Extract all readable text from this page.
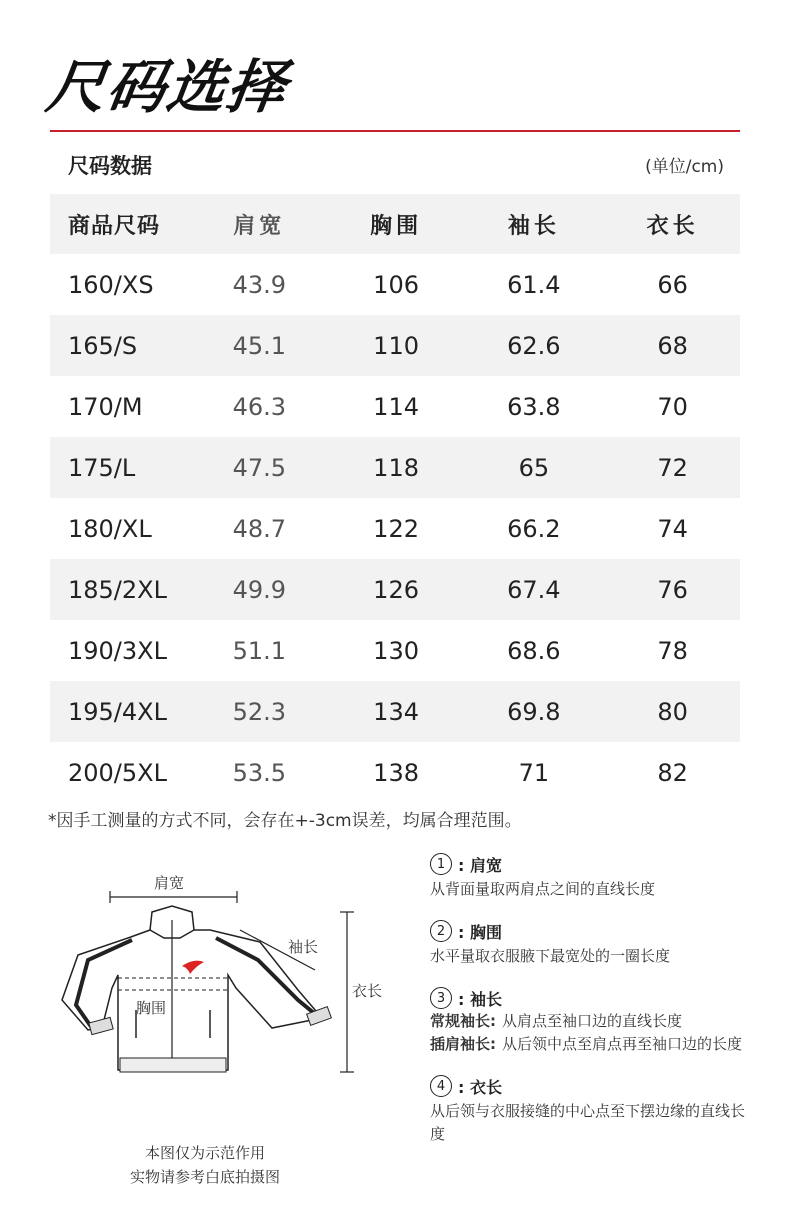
尺码选择
尺码数据	(单位/cm)
商品尺码	肩宽	胸围	袖长	衣长
160/XS	43.9	106	61.4	66
165/S	45.1	110	62.6	68
170/M	46.3	114	63.8	70
175/L	47.5	118	65	72
180/XL	48.7	122	66.2	74
185/2XL	49.9	126	67.4	76
190/3XL	51.1	130	68.6	78
195/4XL	52.3	134	69.8	80
200/5XL	53.5	138	71	82
*因手工测量的方式不同，会存在+-3cm误差，均属合理范围。
肩宽
袖长
衣长
胸围
本图仅为示范作用
实物请参考白底拍摄图
1 : 肩宽
从背面量取两肩点之间的直线长度
2 : 胸围
水平量取衣服腋下最宽处的一圈长度
3 : 袖长
常规袖长: 从肩点至袖口边的直线长度
插肩袖长: 从后领中点至肩点再至袖口边的长度
4 : 衣长
从后领与衣服接缝的中心点至下摆边缘的直线长度
